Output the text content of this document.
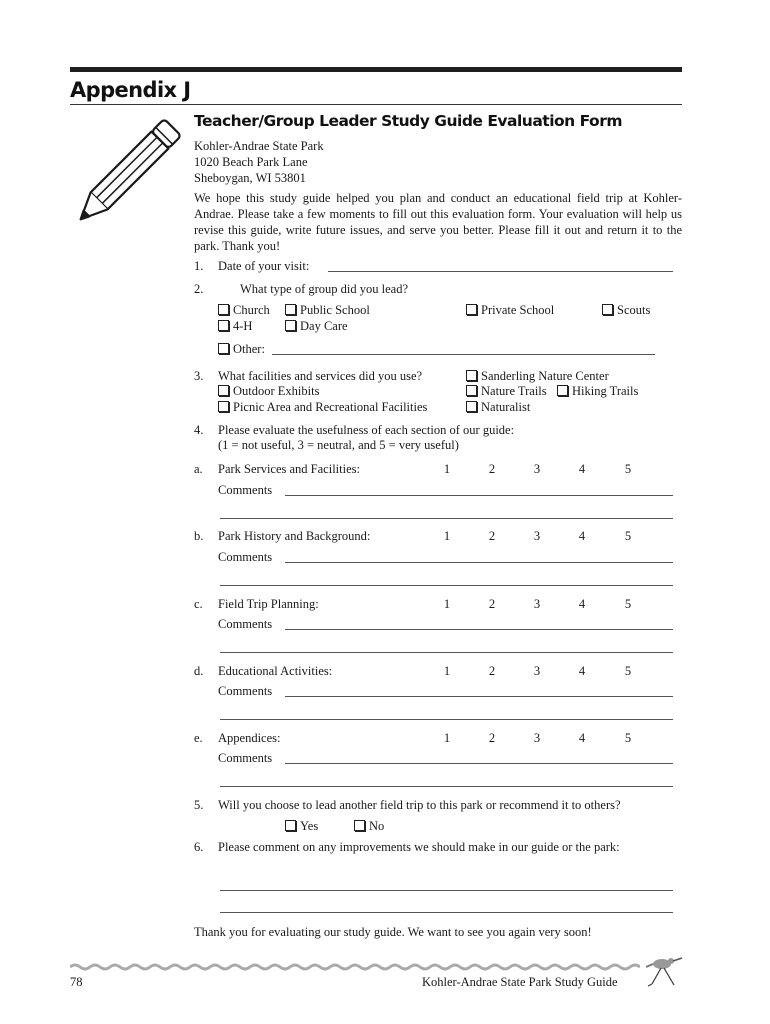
Appendix J
Teacher/Group Leader Study Guide Evaluation Form
Kohler-Andrae State Park
1020 Beach Park Lane
Sheboygan, WI 53801
We hope this study guide helped you plan and conduct an educational field trip at Kohler-Andrae. Please take a few moments to fill out this evaluation form. Your evaluation will help us revise this guide, write future issues, and serve you better. Please fill it out and return it to the park. Thank you!
1. Date of your visit:
2.	What type of group did you lead?
Church	Public School	Private School	Scouts
4-H	Day Care
Other:
3. What facilities and services did you use?
Outdoor Exhibits
Picnic Area and Recreational Facilities
Sanderling Nature Center
Nature Trails	Hiking Trails
Naturalist
4. Please evaluate the usefulness of each section of our guide:
(1 = not useful, 3 = neutral, and 5 = very useful)
a. Park Services and Facilities:	1	2	3	4	5
Comments
b. Park History and Background:	1	2	3	4	5
Comments
c. Field Trip Planning:	1	2	3	4	5
Comments
d. Educational Activities:	1	2	3	4	5
Comments
e. Appendices:	1	2	3	4	5
Comments
5. Will you choose to lead another field trip to this park or recommend it to others?
Yes	No
6. Please comment on any improvements we should make in our guide or the park:
Thank you for evaluating our study guide. We want to see you again very soon!
78	Kohler-Andrae State Park Study Guide
